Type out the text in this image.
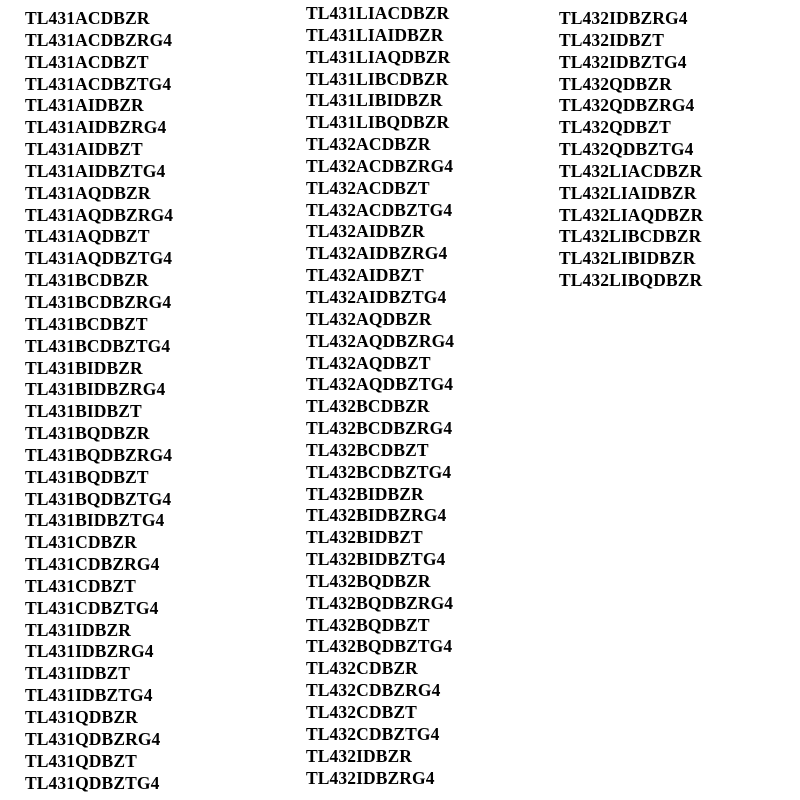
TL431ACDBZR
TL431ACDBZRG4
TL431ACDBZT
TL431ACDBZTG4
TL431AIDBZR
TL431AIDBZRG4
TL431AIDBZT
TL431AIDBZTG4
TL431AQDBZR
TL431AQDBZRG4
TL431AQDBZT
TL431AQDBZTG4
TL431BCDBZR
TL431BCDBZRG4
TL431BCDBZT
TL431BCDBZTG4
TL431BIDBZR
TL431BIDBZRG4
TL431BIDBZT
TL431BQDBZR
TL431BQDBZRG4
TL431BQDBZT
TL431BQDBZTG4
TL431BIDBZTG4
TL431CDBZR
TL431CDBZRG4
TL431CDBZT
TL431CDBZTG4
TL431IDBZR
TL431IDBZRG4
TL431IDBZT
TL431IDBZTG4
TL431QDBZR
TL431QDBZRG4
TL431QDBZT
TL431QDBZTG4
TL431LIACDBZR
TL431LIAIDBZR
TL431LIAQDBZR
TL431LIBCDBZR
TL431LIBIDBZR
TL431LIBQDBZR
TL432ACDBZR
TL432ACDBZRG4
TL432ACDBZT
TL432ACDBZTG4
TL432AIDBZR
TL432AIDBZRG4
TL432AIDBZT
TL432AIDBZTG4
TL432AQDBZR
TL432AQDBZRG4
TL432AQDBZT
TL432AQDBZTG4
TL432BCDBZR
TL432BCDBZRG4
TL432BCDBZT
TL432BCDBZTG4
TL432BIDBZR
TL432BIDBZRG4
TL432BIDBZT
TL432BIDBZTG4
TL432BQDBZR
TL432BQDBZRG4
TL432BQDBZT
TL432BQDBZTG4
TL432CDBZR
TL432CDBZRG4
TL432CDBZT
TL432CDBZTG4
TL432IDBZR
TL432IDBZRG4
TL432IDBZRG4
TL432IDBZT
TL432IDBZTG4
TL432QDBZR
TL432QDBZRG4
TL432QDBZT
TL432QDBZTG4
TL432LIACDBZR
TL432LIAIDBZR
TL432LIAQDBZR
TL432LIBCDBZR
TL432LIBIDBZR
TL432LIBQDBZR
